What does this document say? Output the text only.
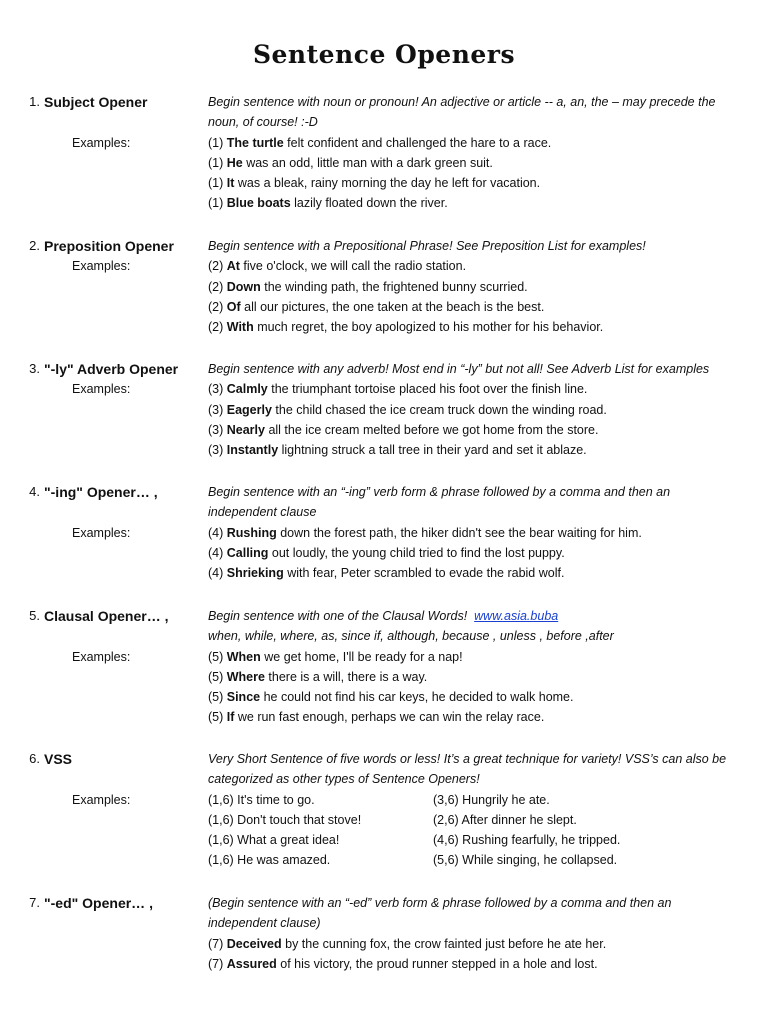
Sentence Openers
1. Subject Opener
Examples:
Begin sentence with noun or pronoun! An adjective or article -- a, an, the – may precede the noun, of course! :-D
(1) The turtle felt confident and challenged the hare to a race.
(1) He was an odd, little man with a dark green suit.
(1) It was a bleak, rainy morning the day he left for vacation.
(1) Blue boats lazily floated down the river.
2. Preposition Opener
Examples:
Begin sentence with a Prepositional Phrase! See Preposition List for examples!
(2) At five o'clock, we will call the radio station.
(2) Down the winding path, the frightened bunny scurried.
(2) Of all our pictures, the one taken at the beach is the best.
(2) With much regret, the boy apologized to his mother for his behavior.
3. "-ly" Adverb Opener
Examples:
Begin sentence with any adverb! Most end in “-ly” but not all! See Adverb List for examples
(3) Calmly the triumphant tortoise placed his foot over the finish line.
(3) Eagerly the child chased the ice cream truck down the winding road.
(3) Nearly all the ice cream melted before we got home from the store.
(3) Instantly lightning struck a tall tree in their yard and set it ablaze.
4. "-ing" Opener… ,
Examples:
Begin sentence with an “-ing” verb form & phrase followed by a comma and then an independent clause
(4) Rushing down the forest path, the hiker didn't see the bear waiting for him.
(4) Calling out loudly, the young child tried to find the lost puppy.
(4) Shrieking with fear, Peter scrambled to evade the rabid wolf.
5. Clausal Opener… ,
Examples:
Begin sentence with one of the Clausal Words! www.asia.buba
when, while, where, as, since if, although, because , unless , before ,after
(5) When we get home, I'll be ready for a nap!
(5) Where there is a will, there is a way.
(5) Since he could not find his car keys, he decided to walk home.
(5) If we run fast enough, perhaps we can win the relay race.
6. VSS
Examples:
Very Short Sentence of five words or less! It’s a great technique for variety! VSS’s can also be categorized as other types of Sentence Openers!
(1,6) It's time to go.
(1,6) Don't touch that stove!
(1,6) What a great idea!
(1,6) He was amazed.
(3,6) Hungrily he ate.
(2,6) After dinner he slept.
(4,6) Rushing fearfully, he tripped.
(5,6) While singing, he collapsed.
7. "-ed" Opener… ,	(Begin sentence with an “-ed” verb form & phrase followed by a comma and then an independent clause)
(7) Deceived by the cunning fox, the crow fainted just before he ate her.
(7) Assured of his victory, the proud runner stepped in a hole and lost.
